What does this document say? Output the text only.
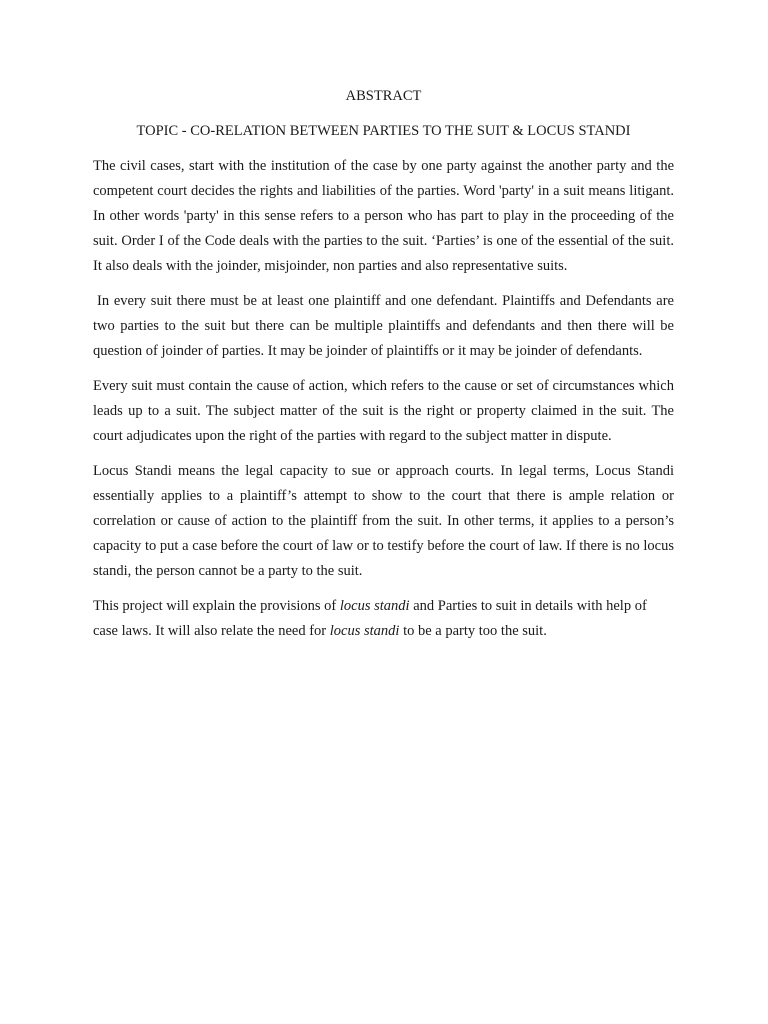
ABSTRACT

TOPIC - CO-RELATION BETWEEN PARTIES TO THE SUIT & LOCUS STANDI

The civil cases, start with the institution of the case by one party against the another party and the competent court decides the rights and liabilities of the parties. Word 'party' in a suit means litigant. In other words 'party' in this sense refers to a person who has part to play in the proceeding of the suit. Order I of the Code deals with the parties to the suit. ‘Parties’ is one of the essential of the suit. It also deals with the joinder, misjoinder, non parties and also representative suits.

In every suit there must be at least one plaintiff and one defendant. Plaintiffs and Defendants are two parties to the suit but there can be multiple plaintiffs and defendants and then there will be question of joinder of parties. It may be joinder of plaintiffs or it may be joinder of defendants.

Every suit must contain the cause of action, which refers to the cause or set of circumstances which leads up to a suit. The subject matter of the suit is the right or property claimed in the suit. The court adjudicates upon the right of the parties with regard to the subject matter in dispute.

Locus Standi means the legal capacity to sue or approach courts. In legal terms, Locus Standi essentially applies to a plaintiff’s attempt to show to the court that there is ample relation or correlation or cause of action to the plaintiff from the suit. In other terms, it applies to a person’s capacity to put a case before the court of law or to testify before the court of law. If there is no locus standi, the person cannot be a party to the suit.

This project will explain the provisions of locus standi and Parties to suit in details with help of case laws. It will also relate the need for locus standi to be a party too the suit.
